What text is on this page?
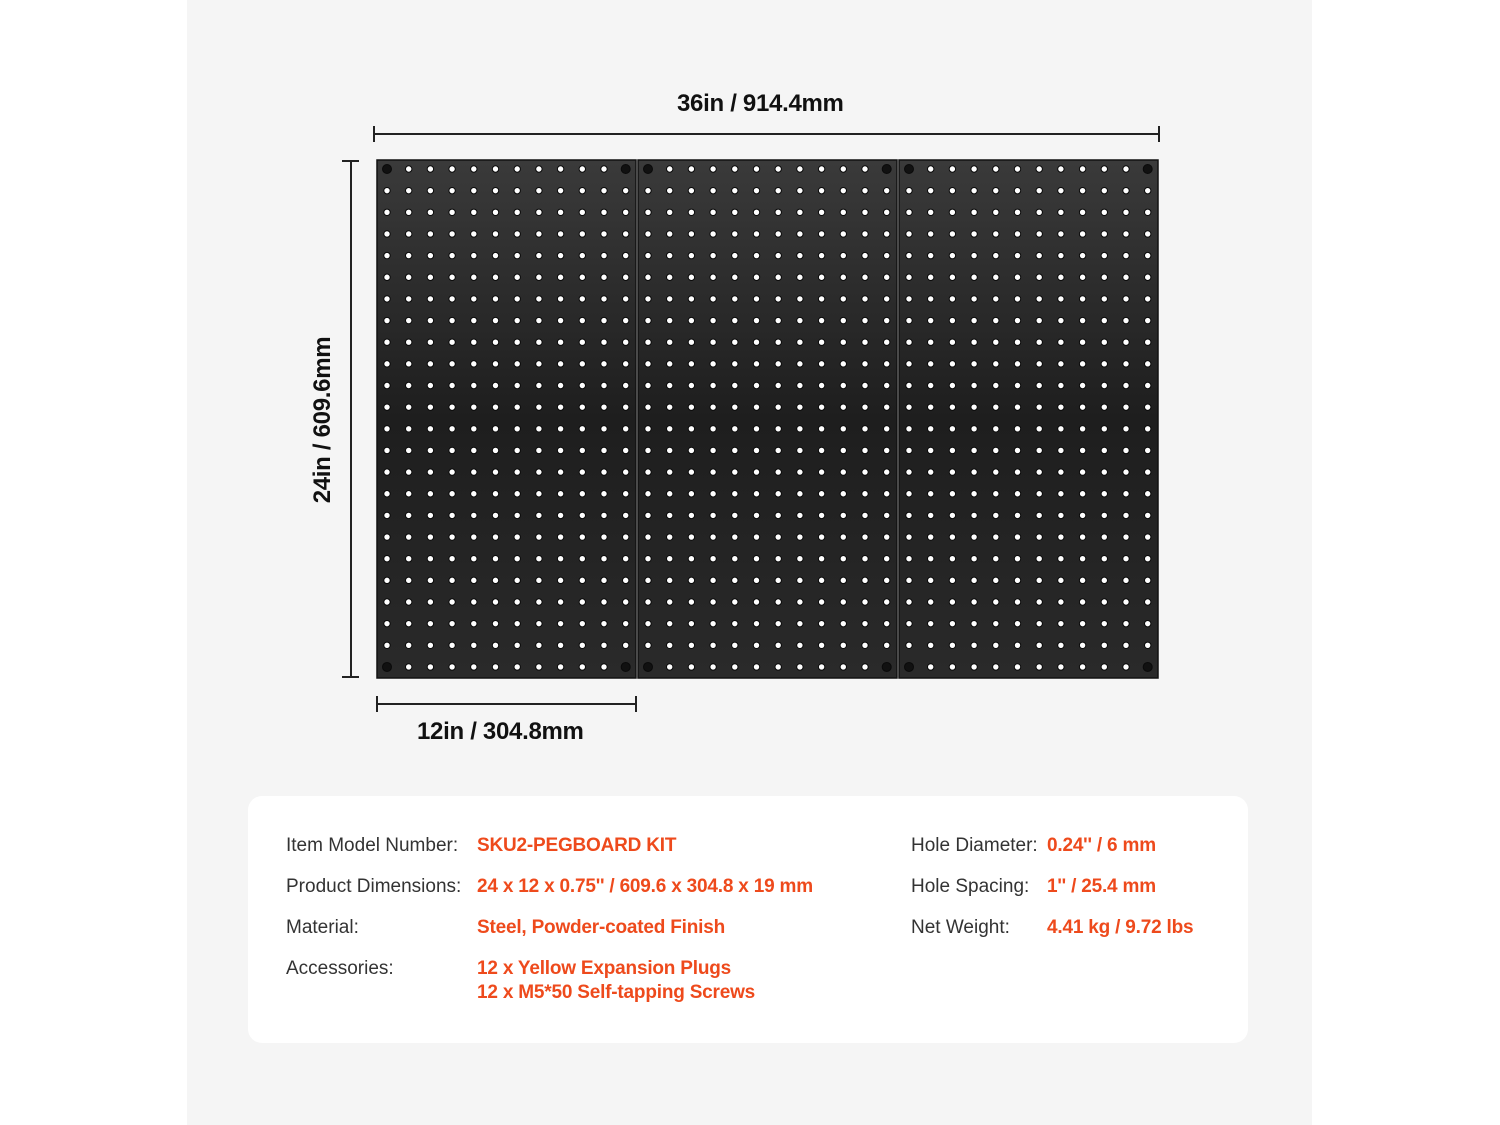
36in / 914.4mm
24in / 609.6mm
12in / 304.8mm
Item Model Number: SKU2-PEGBOARD KIT
Product Dimensions: 24 x 12 x 0.75'' / 609.6 x 304.8 x 19 mm
Material:	Steel, Powder-coated Finish
Accessories:	12 x Yellow Expansion Plugs
12 x M5*50 Self-tapping Screws
Hole Diameter: 0.24'' / 6 mm
Hole Spacing: 1'' / 25.4 mm
Net Weight: 4.41 kg / 9.72 lbs
